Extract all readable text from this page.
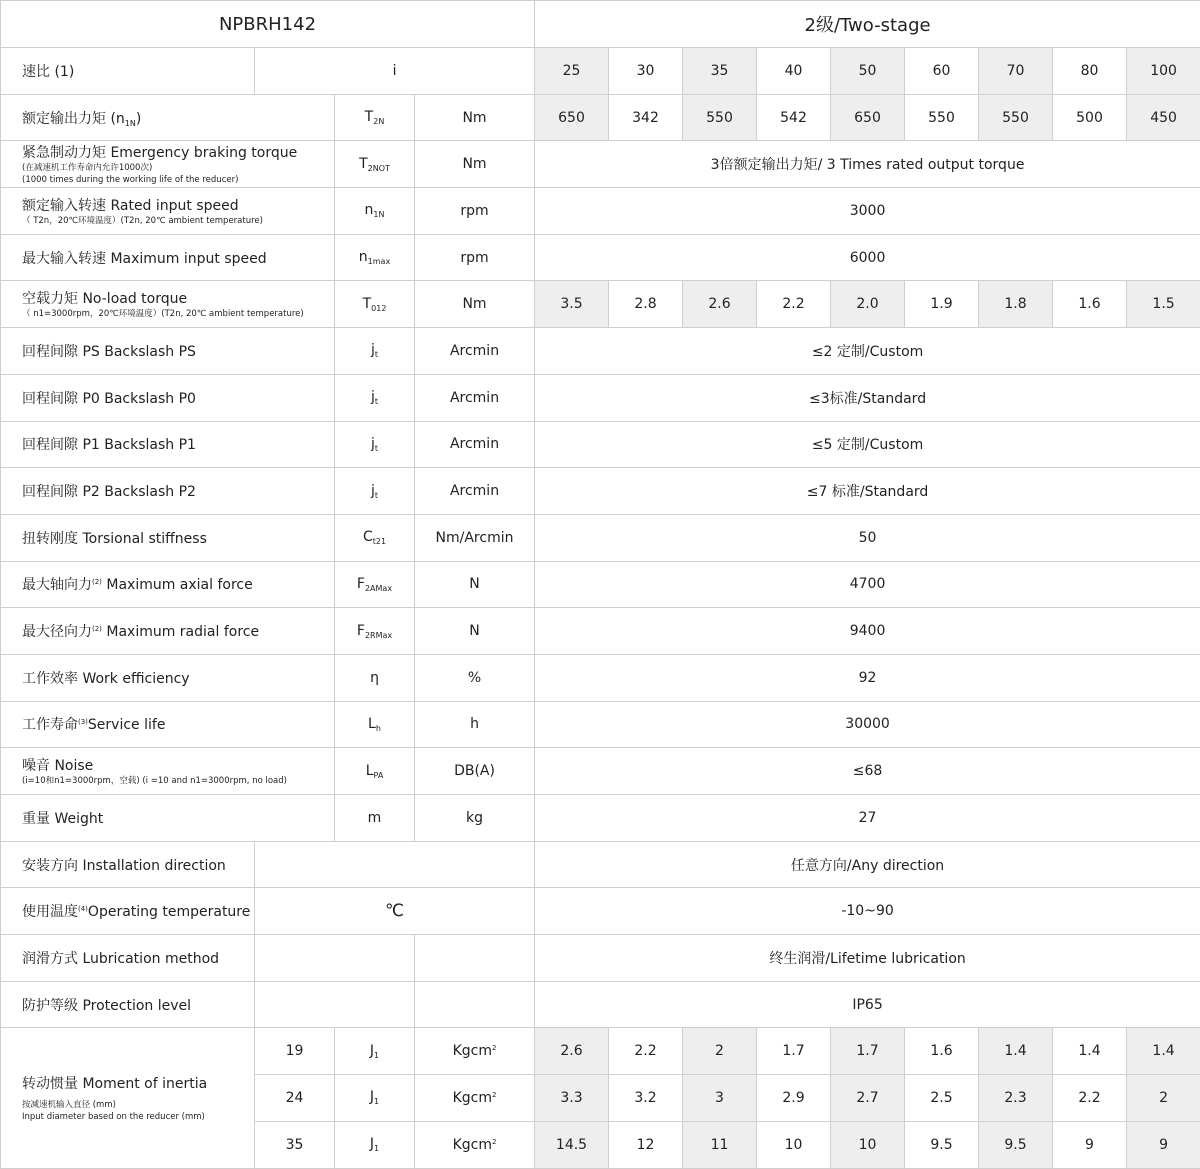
NPBRH142				2级/Two-stage								
速比 (1)	i			25	30	35	40	50	60	70	80	100
额定输出力矩 $(n_{1N})$		$T_{2N}$	Nm	650	342	550	542	650	550	550	500	450

紧急制动力矩 Emergency braking torque
(在减速机工作寿命内允许1000次)
(1000 times during the working life of the reducer)		$T_{2NOT}$	Nm	3倍额定输出力矩/ 3 Times rated output torque								

额定输入转速 Rated input speed
（ T2n，20℃环境温度）(T2n, 20℃ ambient temperature)		$n_{1N}$	rpm	3000								

最大输入转速 Maximum input speed		$n_{1max}$	rpm	6000								

空载力矩 No-load torque
（ n1=3000rpm，20℃环境温度）(T2n, 20℃ ambient temperature)		$T_{012}$	Nm	3.5	2.8	2.6	2.2	2.0	1.9	1.8	1.6	1.5

回程间隙 PS Backslash PS		$j_t$	Arcmin	≤2 定制/Custom								

回程间隙 P0 Backslash P0		$j_t$	Arcmin	≤3标准/Standard								

回程间隙 P1 Backslash P1		$j_t$	Arcmin	≤5 定制/Custom								

回程间隙 P2 Backslash P2		$j_t$	Arcmin	≤7 标准/Standard								

扭转刚度 Torsional stiffness		$C_{t21}$	Nm/Arcmin	50								

最大轴向力$^{(2)}$ Maximum axial force		$F_{2AMax}$	N	4700								

最大径向力$^{(2)}$ Maximum radial force		$F_{2RMax}$	N	9400								

工作效率 Work efficiency		η	%	92								

工作寿命$^{(3)}$Service life		$L_h$	h	30000								

噪音 Noise
(i=10和n1=3000rpm，空载) (i =10 and n1=3000rpm, no load)		$L_{PA}$	DB(A)	≤68								

重量 Weight		m	kg	27								
安装方向 Installation direction				任意方向/Any direction								
使用温度$^{(4)}$Operating temperature	℃			-10~90								
润滑方式 Lubrication method				终生润滑/Lifetime lubrication								
防护等级 Protection level				IP65								

转动惯量 Moment of inertia
按减速机输入直径 (mm)
Input diameter based on the reducer (mm)	19	$J_1$	Kgcm$^2$	2.6	2.2	2	1.7	1.7	1.6	1.4	1.4	1.4
	24	$J_1$	Kgcm$^2$	3.3	3.2	3	2.9	2.7	2.5	2.3	2.2	2
	35	$J_1$	Kgcm$^2$	14.5	12	11	10	10	9.5	9.5	9	9
